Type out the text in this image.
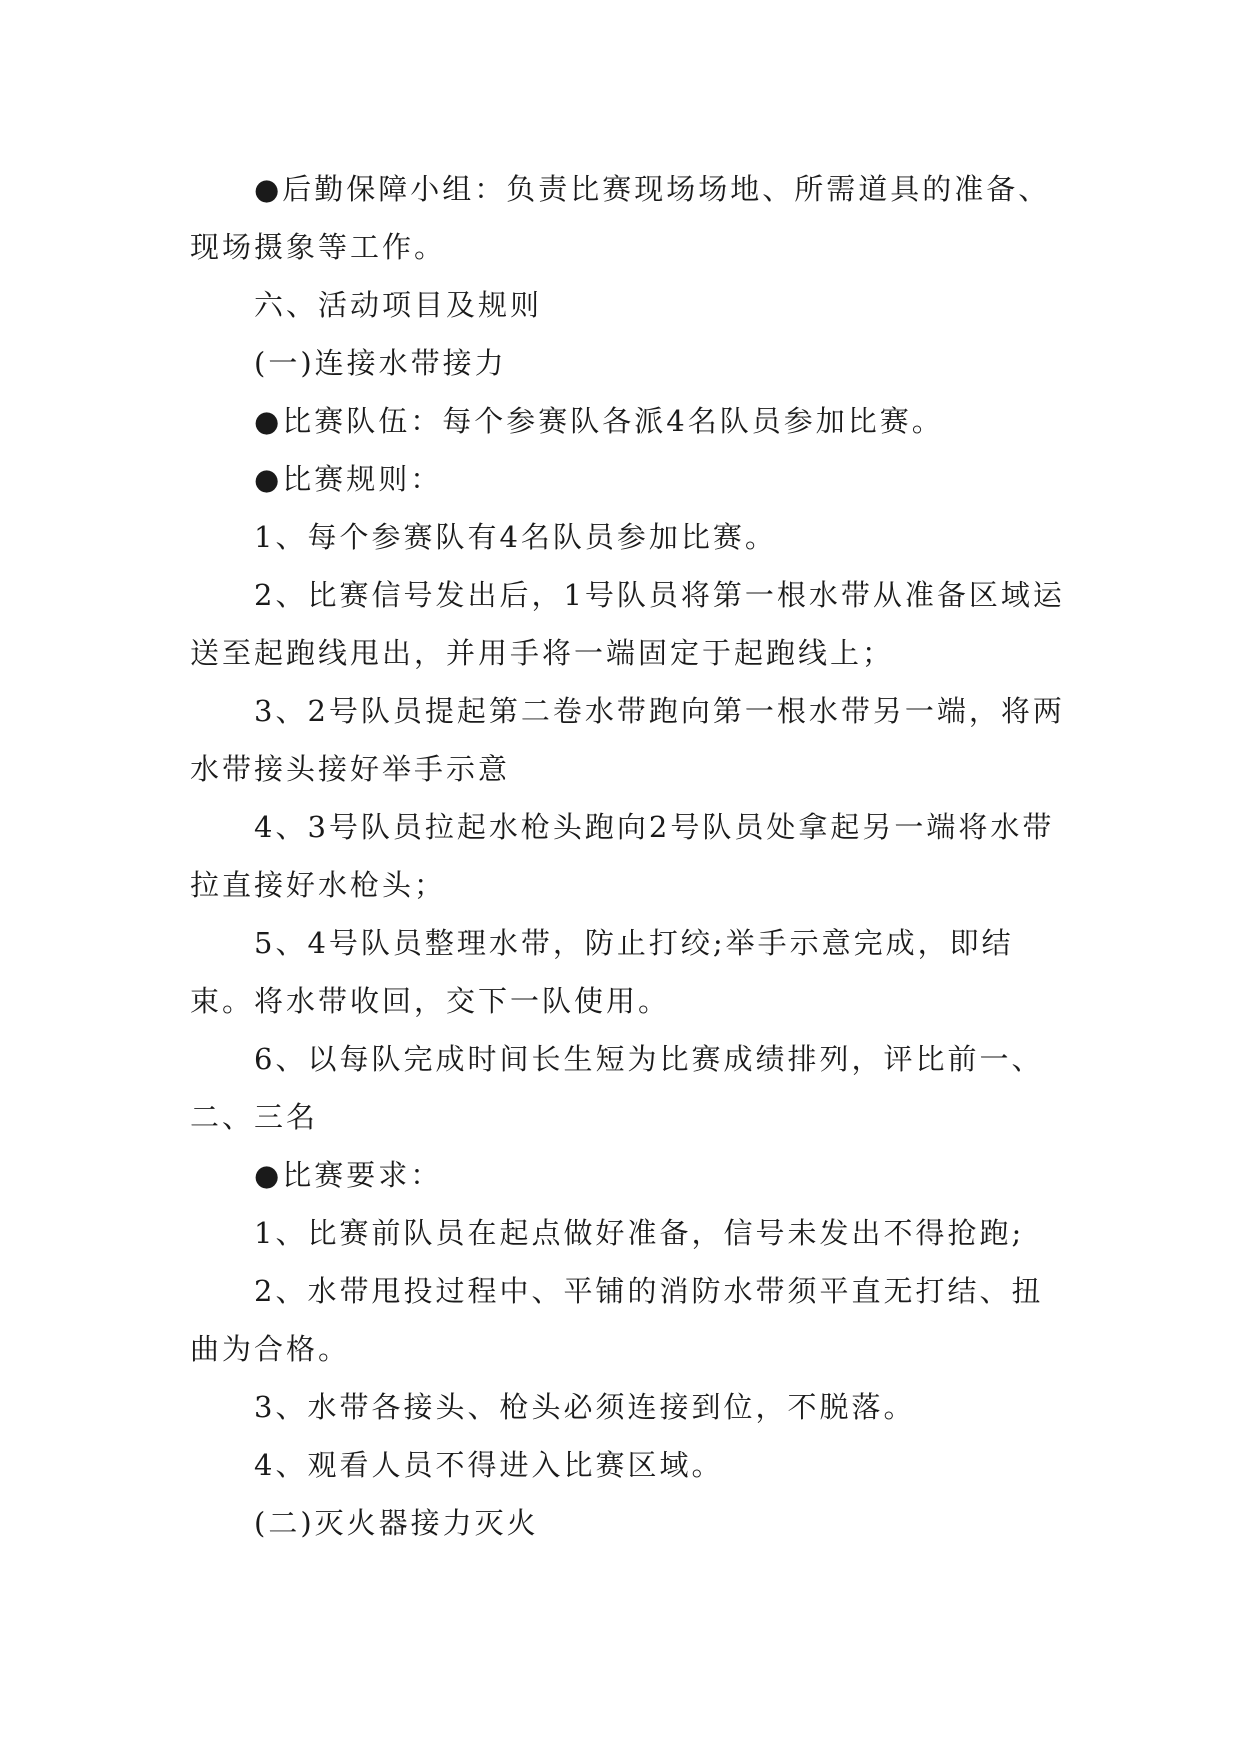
●后勤保障小组：负责比赛现场场地、所需道具的准备、现场摄象等工作。

六、活动项目及规则

(一)连接水带接力

●比赛队伍：每个参赛队各派4名队员参加比赛。

●比赛规则：

1、每个参赛队有4名队员参加比赛。

2、比赛信号发出后，1号队员将第一根水带从准备区域运送至起跑线甩出，并用手将一端固定于起跑线上；

3、2号队员提起第二卷水带跑向第一根水带另一端，将两水带接头接好举手示意

4、3号队员拉起水枪头跑向2号队员处拿起另一端将水带拉直接好水枪头；

5、4号队员整理水带，防止打绞;举手示意完成，即结束。将水带收回，交下一队使用。

6、以每队完成时间长生短为比赛成绩排列，评比前一、二、三名

●比赛要求：

1、比赛前队员在起点做好准备，信号未发出不得抢跑;

2、水带甩投过程中、平铺的消防水带须平直无打结、扭曲为合格。

3、水带各接头、枪头必须连接到位，不脱落。

4、观看人员不得进入比赛区域。

(二)灭火器接力灭火
